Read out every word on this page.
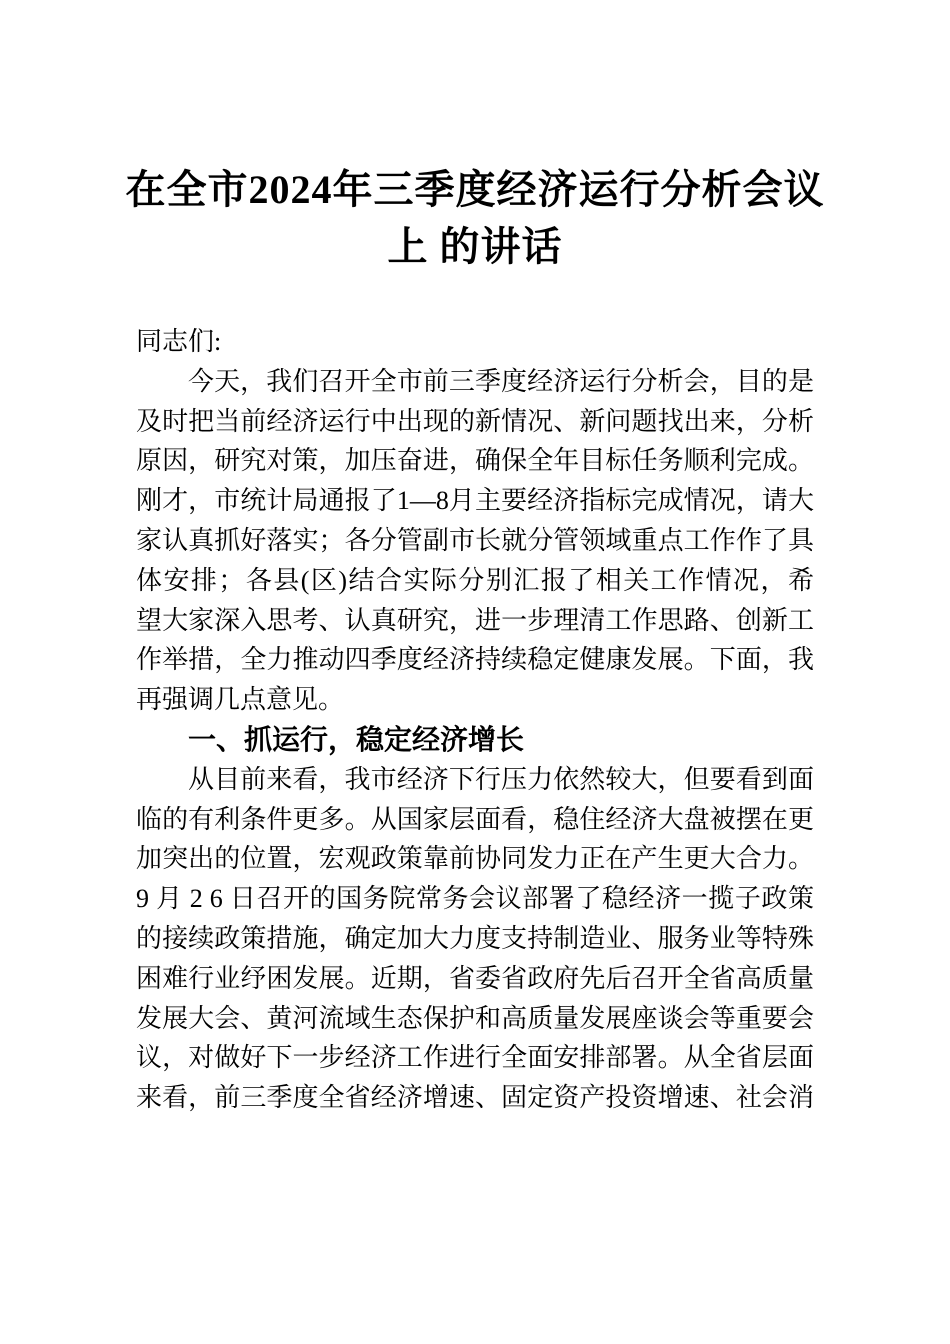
在全市2024年三季度经济运行分析会议
上 的讲话
同志们:
今天，我们召开全市前三季度经济运行分析会，目的是
及时把当前经济运行中出现的新情况、新问题找出来，分析
原因，研究对策，加压奋进，确保全年目标任务顺利完成。
刚才，市统计局通报了1—8月主要经济指标完成情况，请大
家认真抓好落实；各分管副市长就分管领域重点工作作了具
体安排；各县(区)结合实际分别汇报了相关工作情况，希
望大家深入思考、认真研究，进一步理清工作思路、创新工
作举措，全力推动四季度经济持续稳定健康发展。下面，我
再强调几点意见。
一、抓运行，稳定经济增长
从目前来看，我市经济下行压力依然较大，但要看到面
临的有利条件更多。从国家层面看，稳住经济大盘被摆在更
加突出的位置，宏观政策靠前协同发力正在产生更大合力。
9 月 2 6 日召开的国务院常务会议部署了稳经济一揽子政策
的接续政策措施，确定加大力度支持制造业、服务业等特殊
困难行业纾困发展。近期，省委省政府先后召开全省高质量
发展大会、黄河流域生态保护和高质量发展座谈会等重要会
议，对做好下一步经济工作进行全面安排部署。从全省层面
来看，前三季度全省经济增速、固定资产投资增速、社会消
